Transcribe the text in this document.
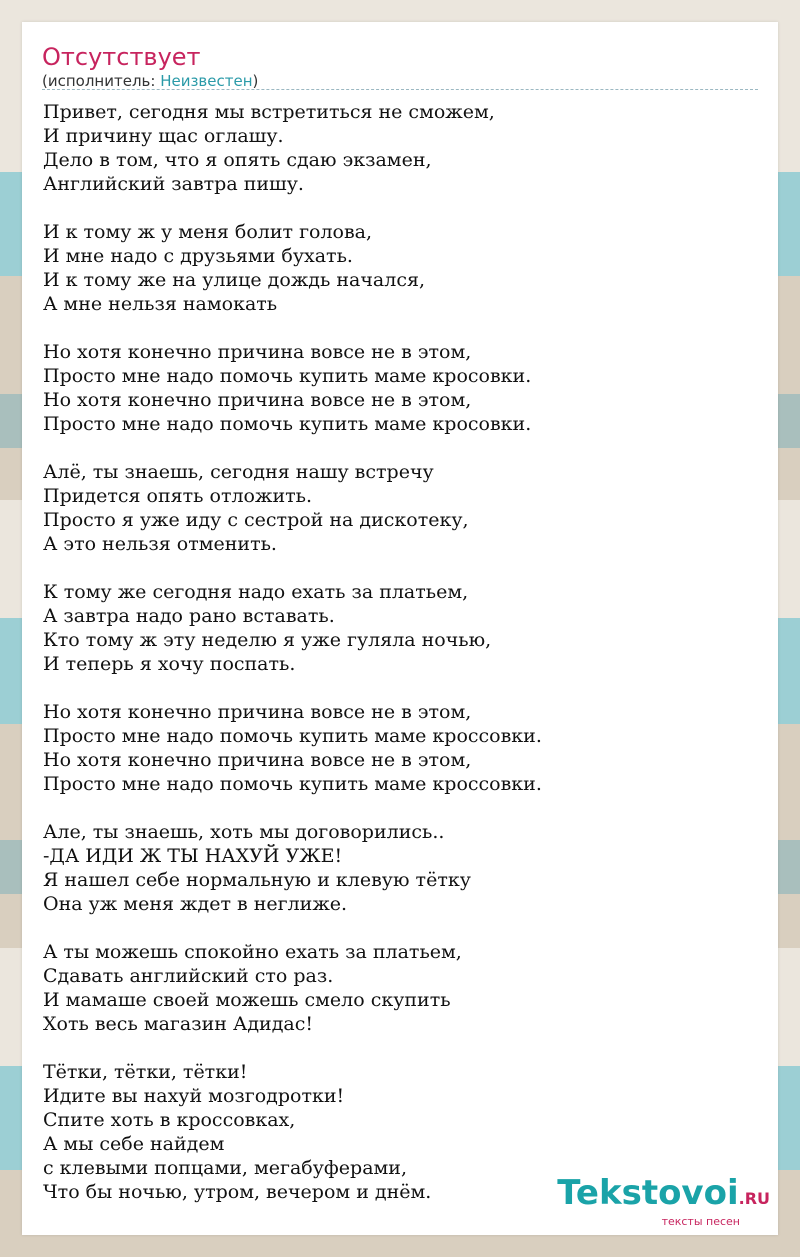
Отсутствует
(исполнитель: Неизвестен)
Привет, сегодня мы встретиться не сможем,
И причину щас оглашу.
Дело в том, что я опять сдаю экзамен,
Английский завтра пишу.
И к тому ж у меня болит голова,
И мне надо с друзьями бухать.
И к тому же на улице дождь начался,
А мне нельзя намокать
Но хотя конечно причина вовсе не в этом,
Просто мне надо помочь купить маме кросовки.
Но хотя конечно причина вовсе не в этом,
Просто мне надо помочь купить маме кросовки.
Алё, ты знаешь, сегодня нашу встречу
Придется опять отложить.
Просто я уже иду с сестрой на дискотеку,
А это нельзя отменить.
К тому же сегодня надо ехать за платьем,
А завтра надо рано вставать.
Кто тому ж эту неделю я уже гуляла ночью,
И теперь я хочу поспать.
Но хотя конечно причина вовсе не в этом,
Просто мне надо помочь купить маме кроссовки.
Но хотя конечно причина вовсе не в этом,
Просто мне надо помочь купить маме кроссовки.
Але, ты знаешь, хоть мы договорились..
-ДА ИДИ Ж ТЫ НАХУЙ УЖЕ!
Я нашел себе нормальную и клевую тётку
Она уж меня ждет в неглиже.
А ты можешь спокойно ехать за платьем,
Сдавать английский сто раз.
И мамаше своей можешь смело скупить
Хоть весь магазин Адидас!
Тётки, тётки, тётки!
Идите вы нахуй мозгодротки!
Спите хоть в кроссовках,
А мы себе найдем
с клевыми попцами, мегабуферами,
Что бы ночью, утром, вечером и днём.	Tekstovoi.RU
тексты песен
